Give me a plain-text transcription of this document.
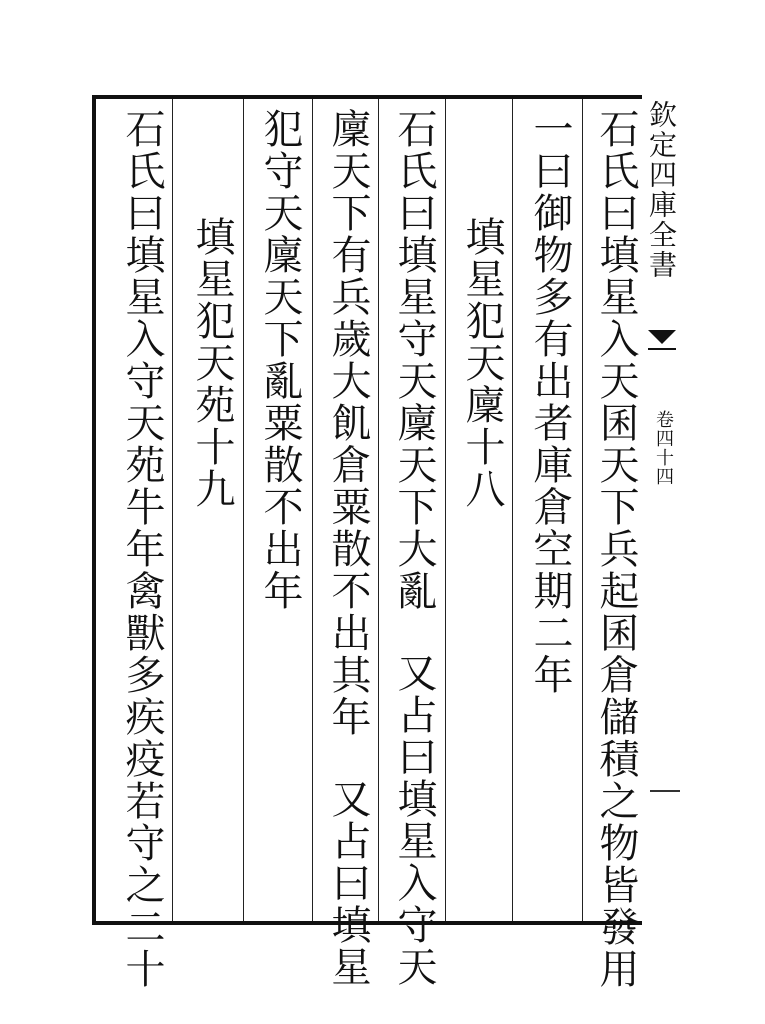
石氏曰填星入天囷天下兵起囷倉儲積之物皆發用
一曰御物多有出者庫倉空期二年
填星犯天廩十八
石氏曰填星守天廩天下大亂又占曰填星入守天
廩天下有兵歲大飢倉粟散不出其年又占曰填星
犯守天廩天下亂粟散不出年
填星犯天苑十九
石氏曰填星入守天苑牛年禽獸多疾疫若守之二十	欽定四庫全書
卷四十四
